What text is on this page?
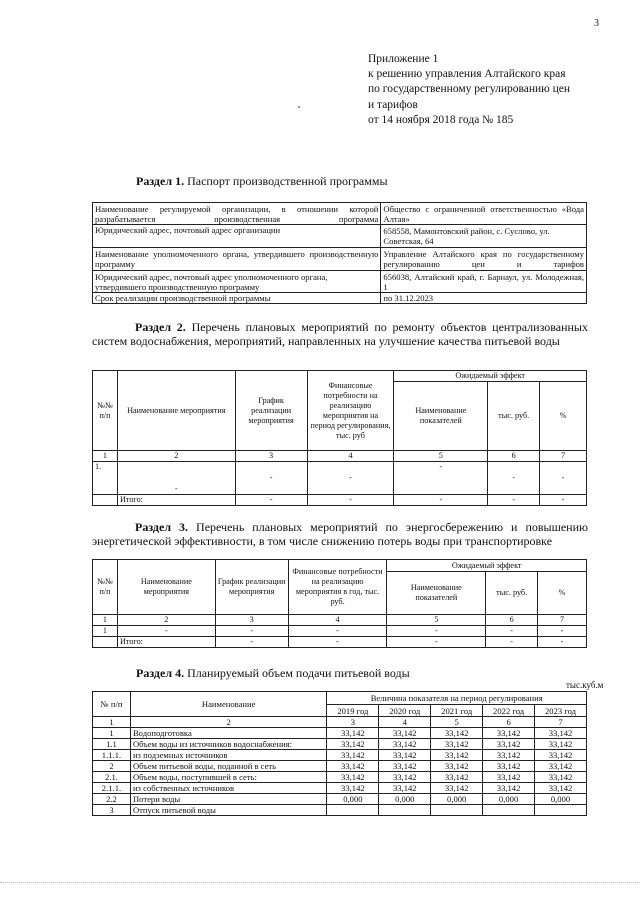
3
Приложение 1
к решению управления Алтайского края
по государственному регулированию цен
и тарифов
от 14 ноября 2018 года № 185
Раздел 1. Паспорт производственной программы
Наименование регулируемой организации, в отношении которой разрабатывается производственная программа	Общество с ограниченной ответственностью «Вода Алтая»
Юридический адрес, почтовый адрес организации	658558, Мамонтовский район, с. Суслово, ул. Советская, 64
Наименование уполномоченного органа, утвердившего производственную программу	Управление Алтайского края по государственному регулированию цен и тарифов
Юридический адрес, почтовый адрес уполномоченного органа, утвердившего производственную программу	656038, Алтайский край, г. Барнаул, ул. Молодежная, 1
Срок реализации производственной программы	по 31.12.2023
Раздел 2. Перечень плановых мероприятий по ремонту объектов централизованных систем водоснабжения, мероприятий, направленных на улучшение качества питьевой воды
№№ п/п	Наименование мероприятия	График реализации мероприятия	Финансовые потребности на реализацию мероприятия на период регулирования, тыс. руб	Ожидаемый эффект		
				Наименование показателей	тыс. руб.	%
1	2	3	4	5	6	7
1.	-	-	-	-	-	-
	Итого:	-	-	-	-	-
Раздел 3. Перечень плановых мероприятий по энергосбережению и повышению энергетической эффективности, в том числе снижению потерь воды при транспортировке
№№ п/п	Наименование мероприятия	График реализации мероприятия	Финансовые потребности на реализацию мероприятия в год, тыс. руб.	Ожидаемый эффект		
				Наименование показателей	тыс. руб.	%
1	2	3	4	5	6	7
1	-	-	-	-	-	-
	Итого:	-	-	-	-	-
Раздел 4. Планируемый объем подачи питьевой воды
тыс.куб.м
№ п/п	Наименование	Величина показателя на период регулирования				
		2019 год	2020 год	2021 год	2022 год	2023 год
1	2	3	4	5	6	7
1	Водоподготовка	33,142	33,142	33,142	33,142	33,142
1.1	Объем воды из источников водоснабжения:	33,142	33,142	33,142	33,142	33,142
1.1.1.	из подземных источников	33,142	33,142	33,142	33,142	33,142
2	Объем питьевой воды, поданной в сеть	33,142	33,142	33,142	33,142	33,142
2.1.	Объем воды, поступившей в сеть:	33,142	33,142	33,142	33,142	33,142
2.1.1.	из собственных источников	33,142	33,142	33,142	33,142	33,142
2.2	Потери воды	0,000	0,000	0,000	0,000	0,000
3	Отпуск питьевой воды					
